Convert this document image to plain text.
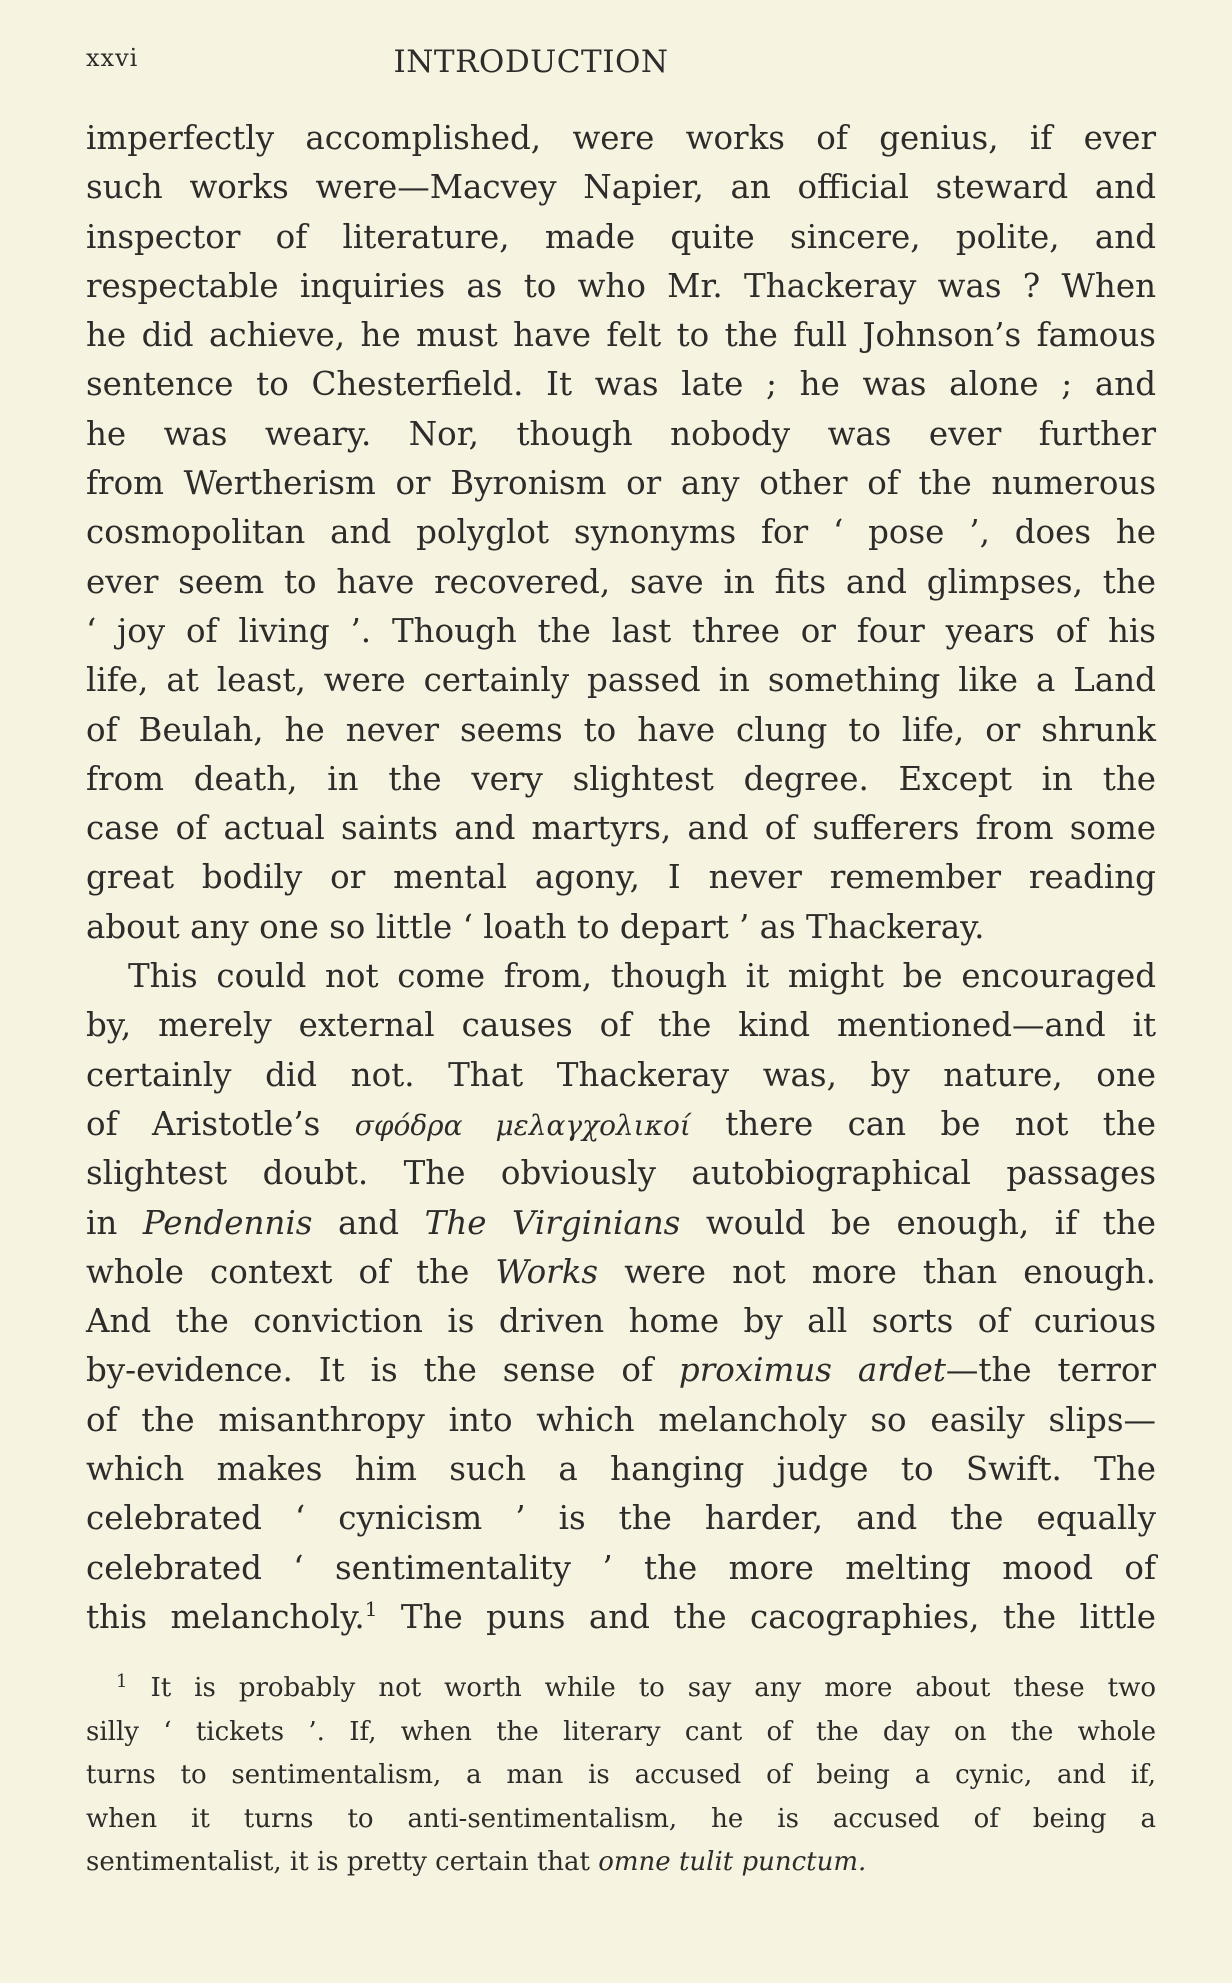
xxvi	INTRODUCTION
imperfectly accomplished, were works of genius, if ever
such works were—Macvey Napier, an official steward and
inspector of literature, made quite sincere, polite, and
respectable inquiries as to who Mr. Thackeray was ? When
he did achieve, he must have felt to the full Johnson’s famous
sentence to Chesterfield. It was late ; he was alone ; and
he was weary. Nor, though nobody was ever further
from Wertherism or Byronism or any other of the numerous
cosmopolitan and polyglot synonyms for ‘ pose ’, does he
ever seem to have recovered, save in fits and glimpses, the
‘ joy of living ’. Though the last three or four years of his
life, at least, were certainly passed in something like a Land
of Beulah, he never seems to have clung to life, or shrunk
from death, in the very slightest degree. Except in the
case of actual saints and martyrs, and of sufferers from some
great bodily or mental agony, I never remember reading
about any one so little ‘ loath to depart ’ as Thackeray.
This could not come from, though it might be encouraged
by, merely external causes of the kind mentioned—and it
certainly did not. That Thackeray was, by nature, one
of Aristotle’s σφόδρα μελαγχολικοί there can be not the
slightest doubt. The obviously autobiographical passages
in Pendennis and The Virginians would be enough, if the
whole context of the Works were not more than enough.
And the conviction is driven home by all sorts of curious
by-evidence. It is the sense of proximus ardet—the terror
of the misanthropy into which melancholy so easily slips—
which makes him such a hanging judge to Swift. The
celebrated ‘ cynicism ’ is the harder, and the equally
celebrated ‘ sentimentality ’ the more melting mood of
this melancholy.$^1$ The puns and the cacographies, the little
$^1$ It is probably not worth while to say any more about these two
silly ‘ tickets ’. If, when the literary cant of the day on the whole
turns to sentimentalism, a man is accused of being a cynic, and if,
when it turns to anti-sentimentalism, he is accused of being a
sentimentalist, it is pretty certain that omne tulit punctum.
